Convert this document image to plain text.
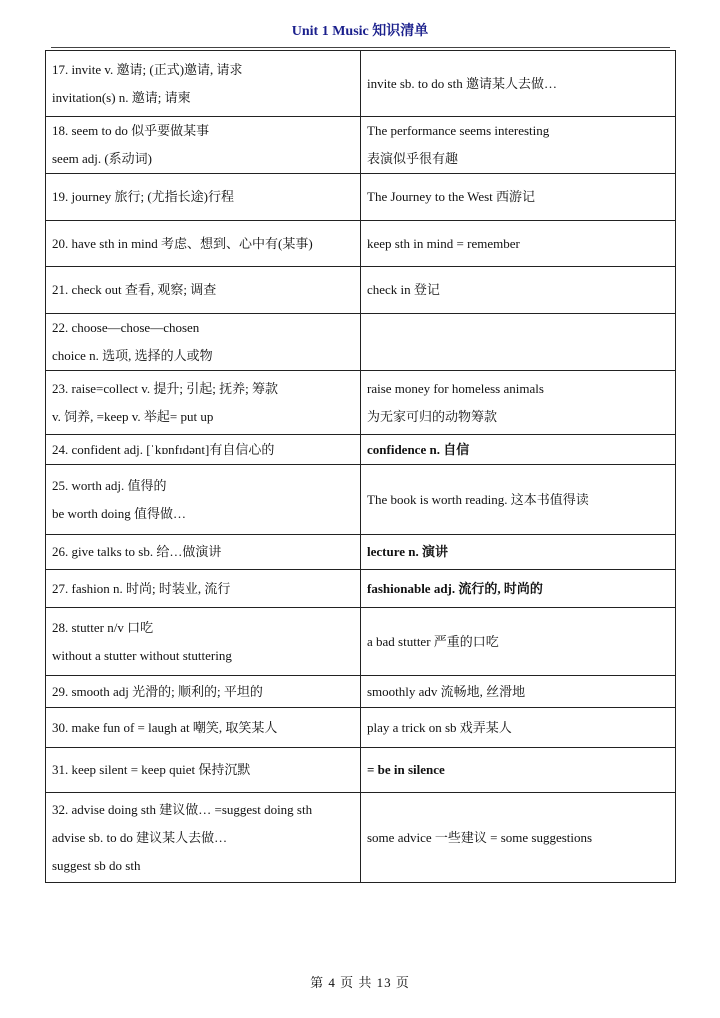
Unit 1 Music 知识清单
17. invite v. 邀请; (正式)邀请, 请求
invitation(s) n. 邀请; 请柬	invite sb. to do sth 邀请某人去做…

18. seem to do 似乎要做某事
seem adj. (系动词)	The performance seems interesting
表演似乎很有趣

19. journey 旅行; (尤指长途)行程	The Journey to the West 西游记

20. have sth in mind 考虑、想到、心中有(某事)	keep sth in mind = remember

21. check out 查看, 观察; 调查	check in 登记

22. choose—chose—chosen
choice n. 选项, 选择的人或物	

23. raise=collect v. 提升; 引起; 抚养; 筹款
v. 饲养, =keep v. 举起= put up	raise money for homeless animals
为无家可归的动物筹款

24. confident adj. [ˈkɒnfɪdənt]有自信心的	confidence n. 自信

25. worth adj. 值得的
be worth doing 值得做…	The book is worth reading. 这本书值得读

26. give talks to sb. 给…做演讲	lecture n. 演讲

27. fashion n. 时尚; 时装业, 流行	fashionable adj. 流行的, 时尚的

28. stutter n/v 口吃
without a stutter without stuttering	a bad stutter 严重的口吃

29. smooth adj 光滑的; 顺利的; 平坦的	smoothly adv 流畅地, 丝滑地

30. make fun of = laugh at 嘲笑, 取笑某人	play a trick on sb 戏弄某人

31. keep silent = keep quiet 保持沉默	= be in silence

32. advise doing sth 建议做… =suggest doing sth
advise sb. to do 建议某人去做…
suggest sb do sth	some advice 一些建议 = some suggestions
第 4 页 共 13 页
